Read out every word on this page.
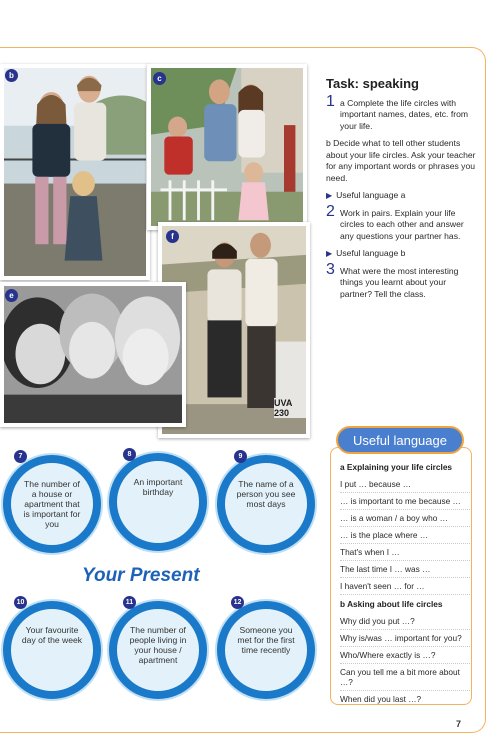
b	c
f
UVA 230
e
Task: speaking
1 a Complete the life circles with important names, dates, etc. from your life.
b Decide what to tell other students about your life circles. Ask your teacher for any important words or phrases you need.
▶ Useful language a
2 Work in pairs. Explain your life circles to each other and answer any questions your partner has.
▶ Useful language b
3 What were the most interesting things you learnt about your partner? Tell the class.
Useful language
a Explaining your life circles
I put … because …
… is important to me because …
… is a woman / a boy who …
… is the place where …
That's when I …
The last time I … was …
I haven't seen … for …
b Asking about life circles
Why did you put …?
Why is/was … important for you?
Who/Where exactly is …?
Can you tell me a bit more about …?
When did you last …?
The number of a house or apartment that is important for you
7
An important birthday
8
The name of a person you see most days
9
Your Present
Your favourite day of the week
10
The number of people living in your house / apartment
11
Someone you met for the first time recently
12
7
